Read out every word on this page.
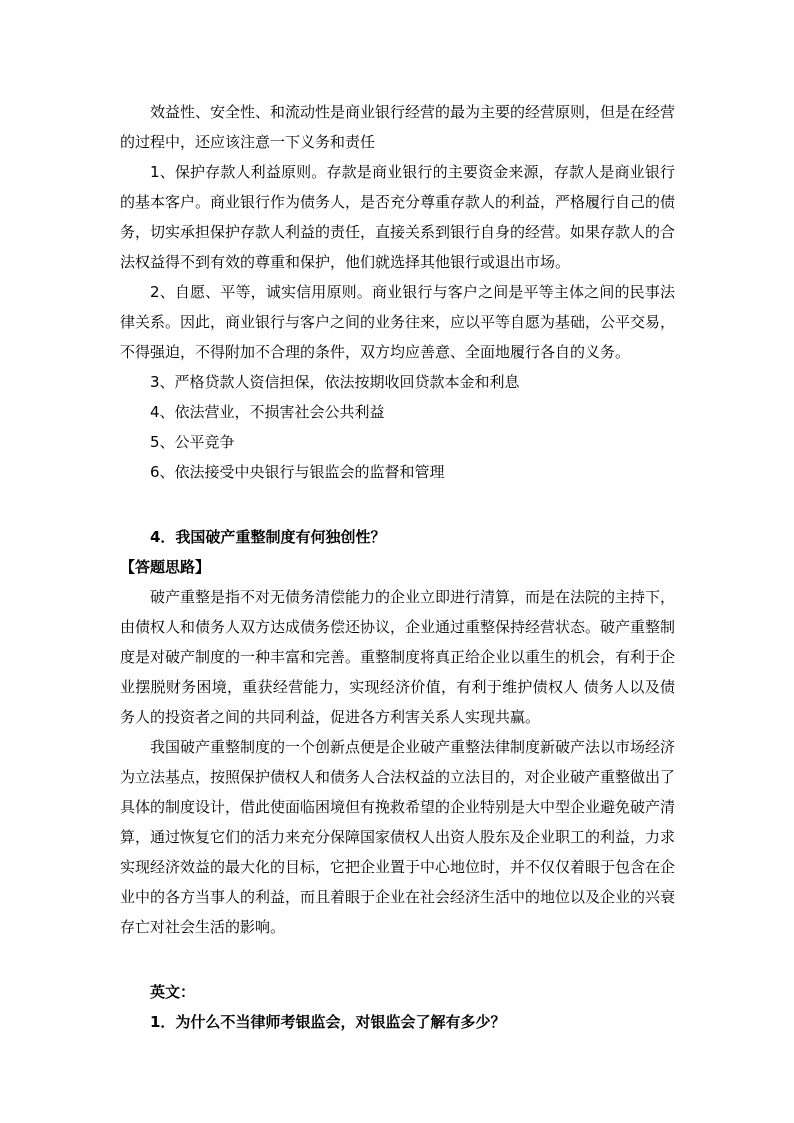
效益性、安全性、和流动性是商业银行经营的最为主要的经营原则，但是在经营的过程中，还应该注意一下义务和责任

1、保护存款人利益原则。存款是商业银行的主要资金来源，存款人是商业银行的基本客户。商业银行作为债务人，是否充分尊重存款人的利益，严格履行自己的债务，切实承担保护存款人利益的责任，直接关系到银行自身的经营。如果存款人的合法权益得不到有效的尊重和保护，他们就选择其他银行或退出市场。

2、自愿、平等，诚实信用原则。商业银行与客户之间是平等主体之间的民事法律关系。因此，商业银行与客户之间的业务往来，应以平等自愿为基础，公平交易，不得强迫，不得附加不合理的条件，双方均应善意、全面地履行各自的义务。

3、严格贷款人资信担保，依法按期收回贷款本金和利息

4、依法营业，不损害社会公共利益

5、公平竞争

6、依法接受中央银行与银监会的监督和管理

4．我国破产重整制度有何独创性？

【答题思路】

破产重整是指不对无债务清偿能力的企业立即进行清算，而是在法院的主持下，由债权人和债务人双方达成债务偿还协议，企业通过重整保持经营状态。破产重整制度是对破产制度的一种丰富和完善。重整制度将真正给企业以重生的机会，有利于企业摆脱财务困境，重获经营能力，实现经济价值，有利于维护债权人 债务人以及债务人的投资者之间的共同利益，促进各方利害关系人实现共赢。

我国破产重整制度的一个创新点便是企业破产重整法律制度新破产法以市场经济为立法基点，按照保护债权人和债务人合法权益的立法目的，对企业破产重整做出了具体的制度设计，借此使面临困境但有挽救希望的企业特别是大中型企业避免破产清算，通过恢复它们的活力来充分保障国家债权人出资人股东及企业职工的利益，力求实现经济效益的最大化的目标，它把企业置于中心地位时，并不仅仅着眼于包含在企业中的各方当事人的利益，而且着眼于企业在社会经济生活中的地位以及企业的兴衰存亡对社会生活的影响。

英文：

1．为什么不当律师考银监会，对银监会了解有多少？
